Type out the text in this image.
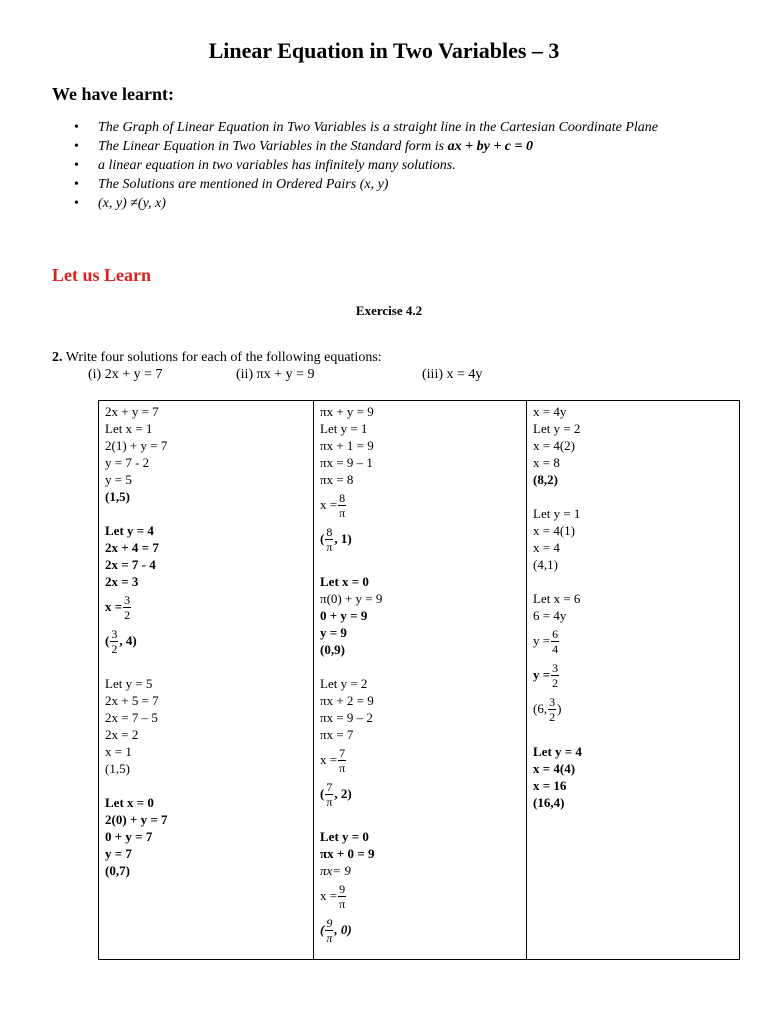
Linear Equation in Two Variables – 3
We have learnt:
• The Graph of Linear Equation in Two Variables is a straight line in the Cartesian Coordinate Plane
• The Linear Equation in Two Variables in the Standard form is ax + by + c = 0
• a linear equation in two variables has infinitely many solutions.
• The Solutions are mentioned in Ordered Pairs (x, y)
• (x, y) ≠(y, x)
Let us Learn
Exercise 4.2
2. Write four solutions for each of the following equations:
(i) 2x + y = 7	(ii) πx + y = 9	(iii) x = 4y
2x + y = 7
Let x = 1
2(1) + y = 7
y = 7 - 2
y = 5
(1,5)
Let y = 4
2x + 4 = 7
2x = 7 - 4
2x = 3
$x = \frac{3}{2}$
( $\frac{3}{2}$ , 4)
Let y = 5
2x + 5 = 7
2x = 7 – 5
2x = 2
x = 1
(1,5)
Let x = 0
2(0) + y = 7
0 + y = 7
y = 7
(0,7)
πx + y = 9
Let y = 1
πx + 1 = 9
πx = 9 – 1
πx = 8
$x = \frac{8}{\pi}$
( $\frac{8}{\pi}$ , 1)
Let x = 0
π(0) + y = 9
0 + y = 9
y = 9
(0,9)
Let y = 2
πx + 2 = 9
πx = 9 – 2
πx = 7
$x = \frac{7}{\pi}$
( $\frac{7}{\pi}$ , 2)
Let y = 0
πx + 0 = 9
πx= 9
$x = \frac{9}{\pi}$
( $\frac{9}{\pi}$ , 0)
x = 4y
Let y = 2
x = 4(2)
x = 8
(8,2)
Let y = 1
x = 4(1)
x = 4
(4,1)
Let x = 6
6 = 4y
$y = \frac{6}{4}$
$y = \frac{3}{2}$
(6, $\frac{3}{2}$ )
Let y = 4
x = 4(4)
x = 16
(16,4)
